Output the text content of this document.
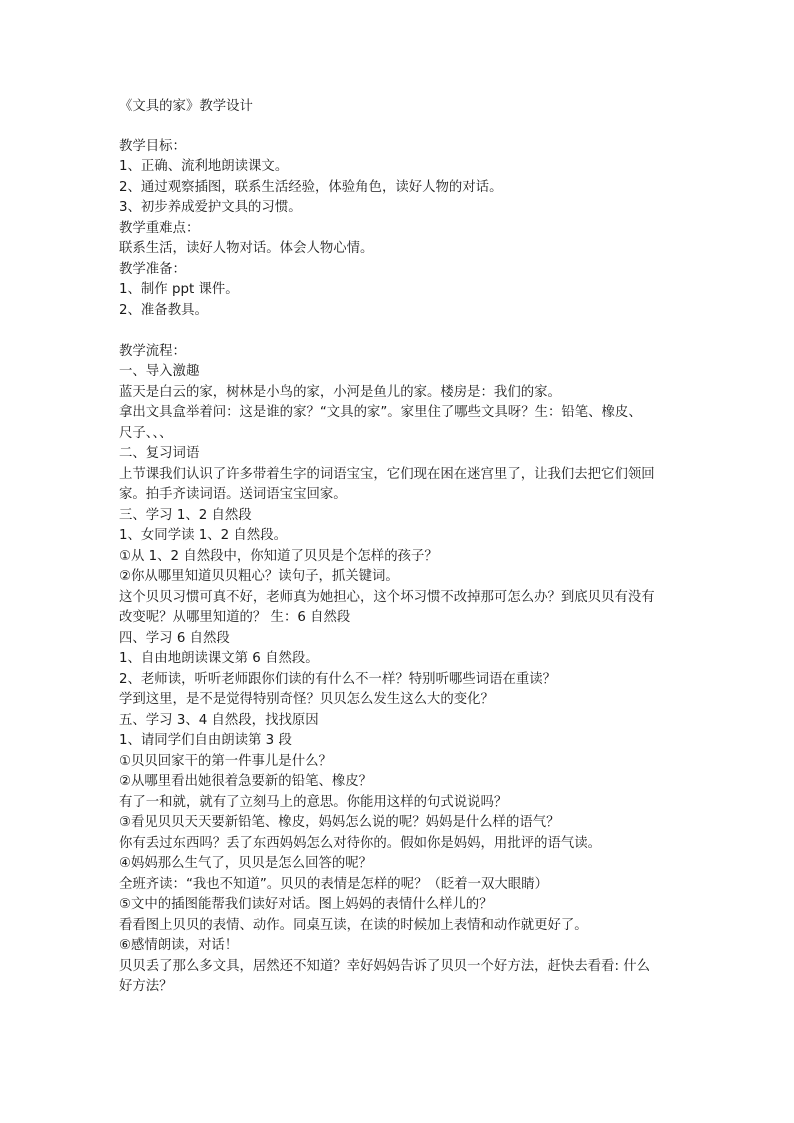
《文具的家》教学设计
教学目标：
1、正确、流利地朗读课文。
2、通过观察插图，联系生活经验，体验角色，读好人物的对话。
3、初步养成爱护文具的习惯。
教学重难点：
联系生活，读好人物对话。体会人物心情。
教学准备：
1、制作 ppt 课件。
2、准备教具。
教学流程：
一、导入激趣
蓝天是白云的家，树林是小鸟的家，小河是鱼儿的家。楼房是：我们的家。
拿出文具盒举着问：这是谁的家？“文具的家”。家里住了哪些文具呀？生：铅笔、橡皮、
尺子、、、
二、复习词语
上节课我们认识了许多带着生字的词语宝宝，它们现在困在迷宫里了，让我们去把它们领回
家。拍手齐读词语。送词语宝宝回家。
三、学习 1、2 自然段
1、女同学读 1、2 自然段。
①从 1、2 自然段中，你知道了贝贝是个怎样的孩子？
②你从哪里知道贝贝粗心？读句子，抓关键词。
这个贝贝习惯可真不好，老师真为她担心，这个坏习惯不改掉那可怎么办？到底贝贝有没有
改变呢？从哪里知道的？ 生：6 自然段
四、学习 6 自然段
1、自由地朗读课文第 6 自然段。
2、老师读，听听老师跟你们读的有什么不一样？特别听哪些词语在重读？
学到这里，是不是觉得特别奇怪？贝贝怎么发生这么大的变化？
五、学习 3、4 自然段，找找原因
1、请同学们自由朗读第 3 段
①贝贝回家干的第一件事儿是什么？
②从哪里看出她很着急要新的铅笔、橡皮？
有了一和就，就有了立刻马上的意思。你能用这样的句式说说吗？
③看见贝贝天天要新铅笔、橡皮，妈妈怎么说的呢？妈妈是什么样的语气？
你有丢过东西吗？丢了东西妈妈怎么对待你的。假如你是妈妈，用批评的语气读。
④妈妈那么生气了，贝贝是怎么回答的呢？
全班齐读：“我也不知道”。贝贝的表情是怎样的呢？（眨着一双大眼睛）
⑤文中的插图能帮我们读好对话。图上妈妈的表情什么样儿的？
看看图上贝贝的表情、动作。同桌互读，在读的时候加上表情和动作就更好了。
⑥感情朗读，对话！
贝贝丢了那么多文具，居然还不知道？幸好妈妈告诉了贝贝一个好方法，赶快去看看: 什么
好方法？
